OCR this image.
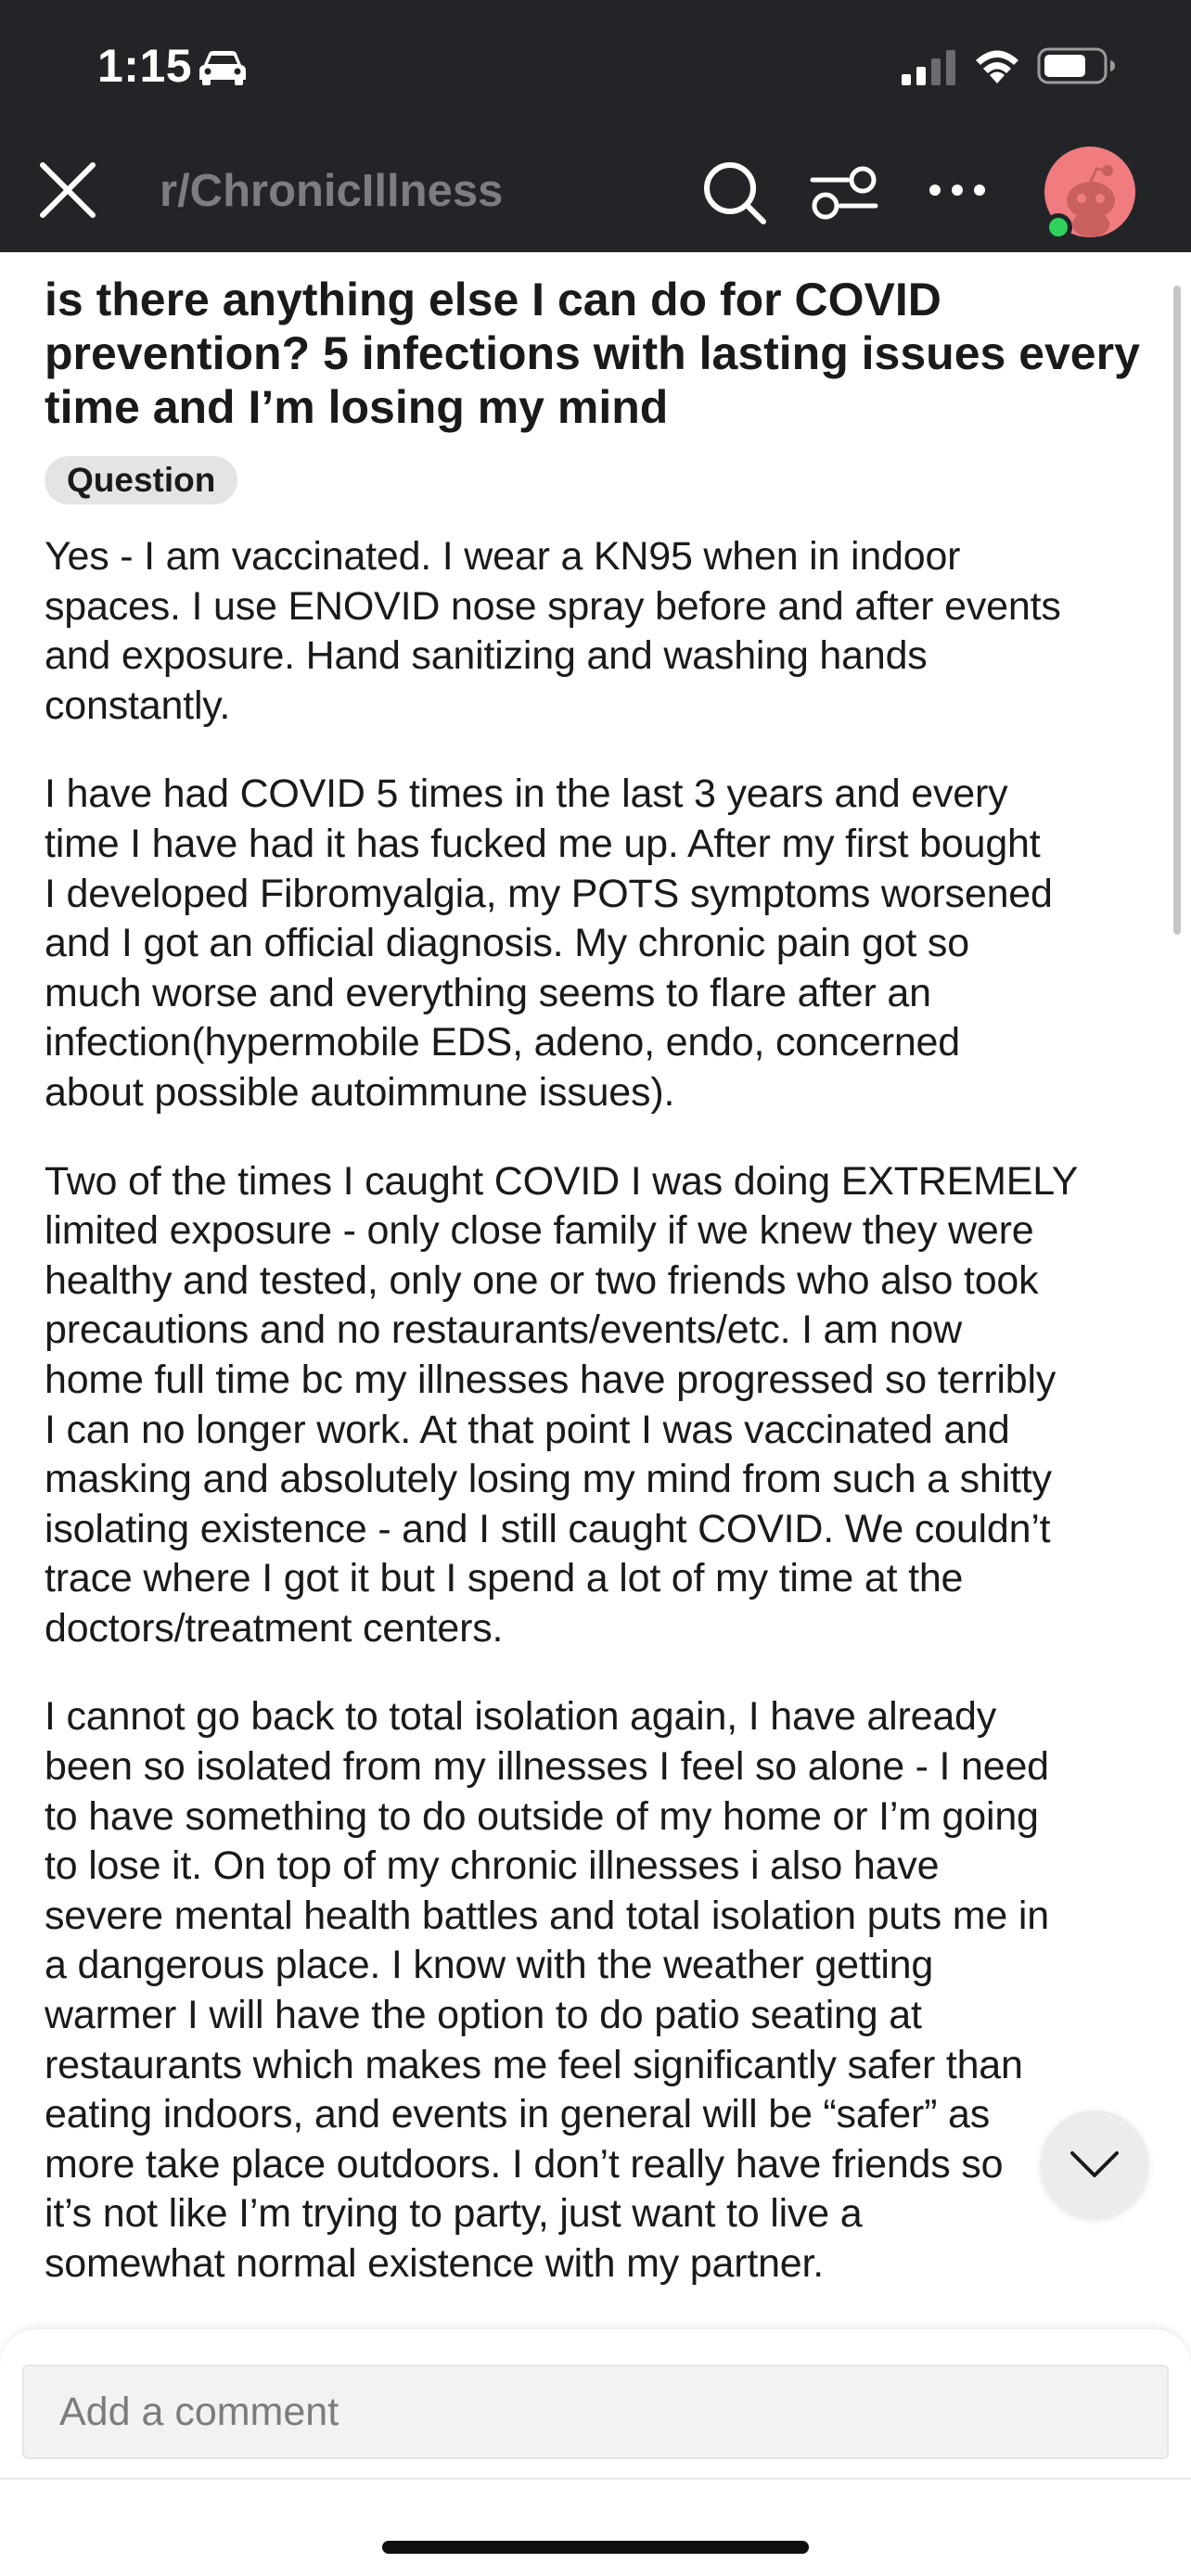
1:15
r/ChronicIllness
is there anything else I can do for COVID
prevention? 5 infections with lasting issues every
time and I’m losing my mind
Question
Yes - I am vaccinated. I wear a KN95 when in indoor
spaces. I use ENOVID nose spray before and after events
and exposure. Hand sanitizing and washing hands
constantly.
I have had COVID 5 times in the last 3 years and every
time I have had it has fucked me up. After my first bought
I developed Fibromyalgia, my POTS symptoms worsened
and I got an official diagnosis. My chronic pain got so
much worse and everything seems to flare after an
infection(hypermobile EDS, adeno, endo, concerned
about possible autoimmune issues).
Two of the times I caught COVID I was doing EXTREMELY
limited exposure - only close family if we knew they were
healthy and tested, only one or two friends who also took
precautions and no restaurants/events/etc. I am now
home full time bc my illnesses have progressed so terribly
I can no longer work. At that point I was vaccinated and
masking and absolutely losing my mind from such a shitty
isolating existence - and I still caught COVID. We couldn’t
trace where I got it but I spend a lot of my time at the
doctors/treatment centers.
I cannot go back to total isolation again, I have already
been so isolated from my illnesses I feel so alone - I need
to have something to do outside of my home or I’m going
to lose it. On top of my chronic illnesses i also have
severe mental health battles and total isolation puts me in
a dangerous place. I know with the weather getting
warmer I will have the option to do patio seating at
restaurants which makes me feel significantly safer than
eating indoors, and events in general will be “safer” as
more take place outdoors. I don’t really have friends so
it’s not like I’m trying to party, just want to live a
somewhat normal existence with my partner.
Add a comment
